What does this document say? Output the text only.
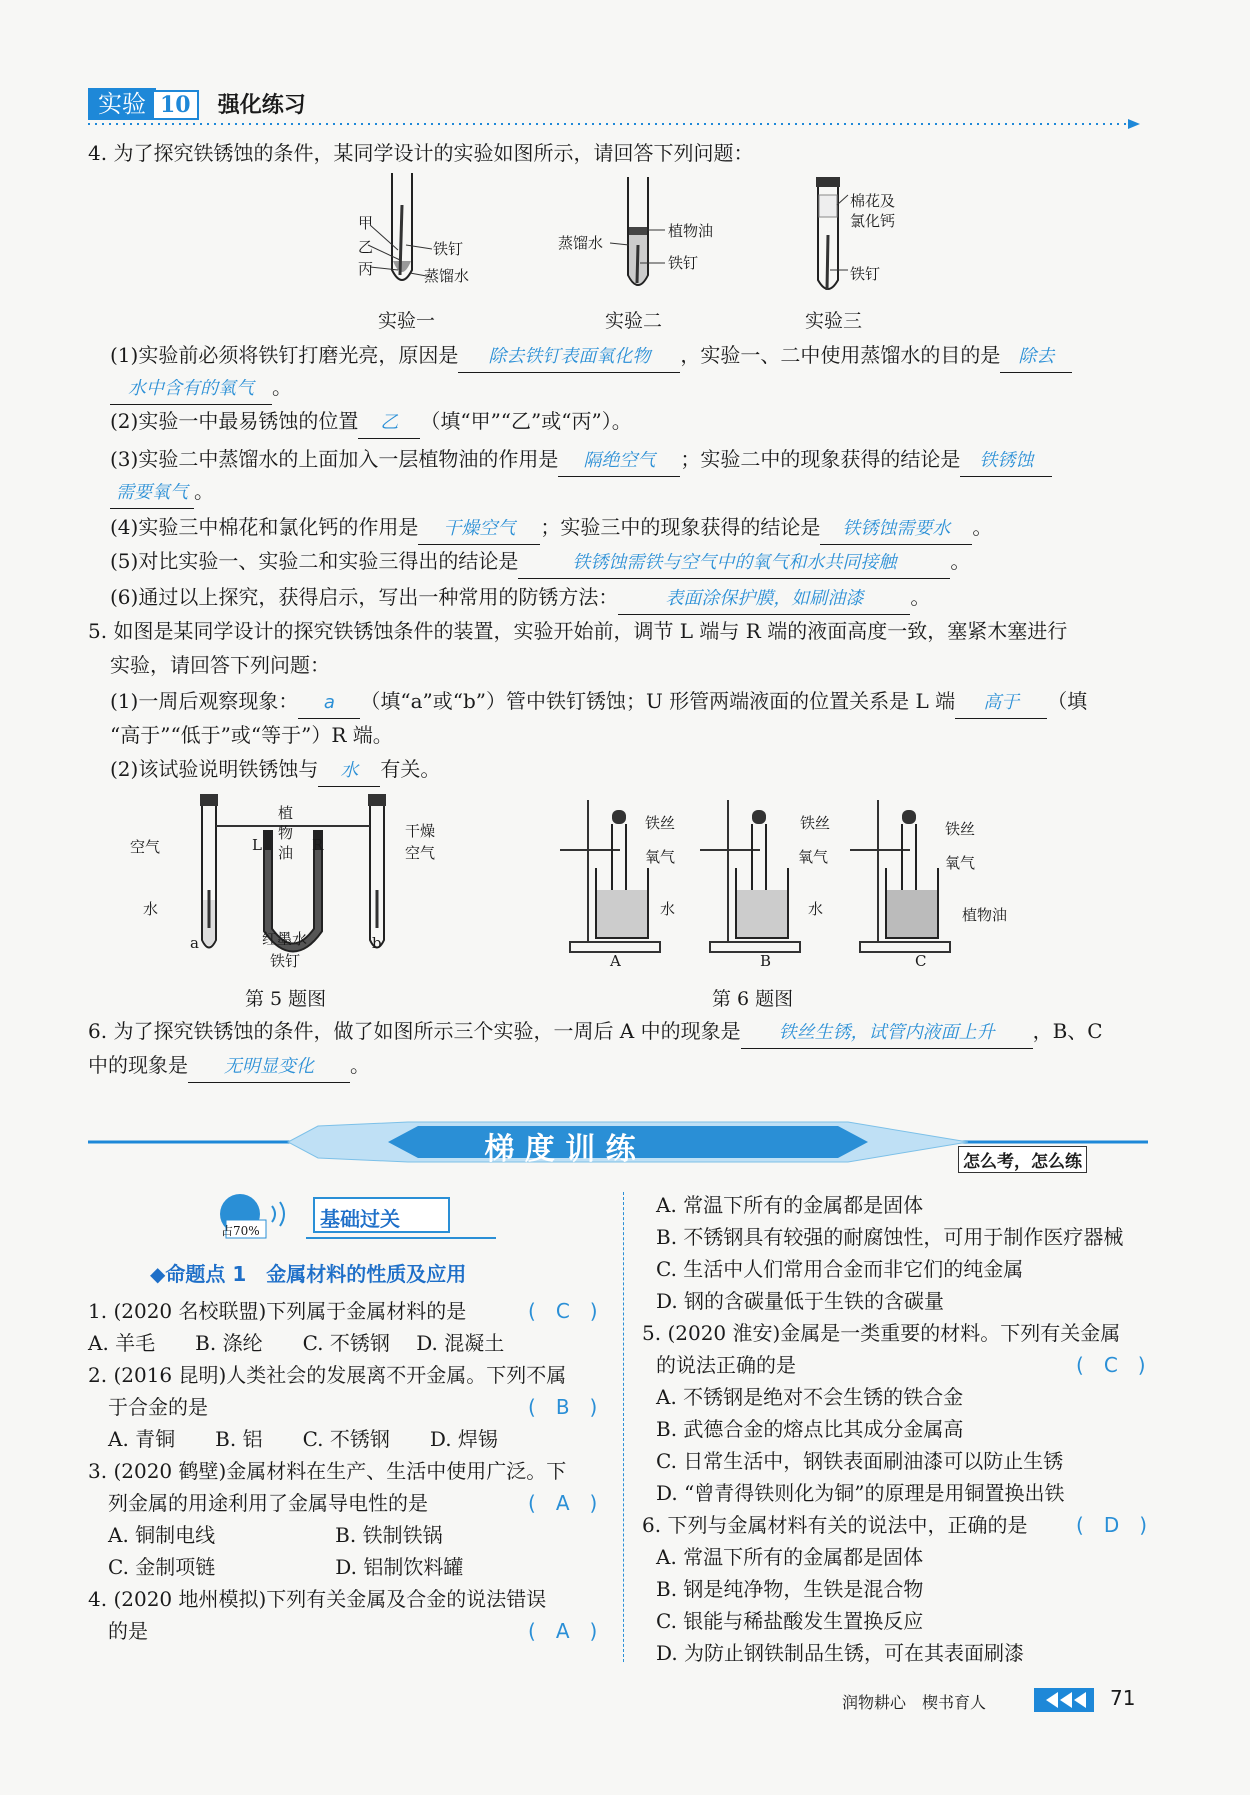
实验 10 强化练习
4. 为了探究铁锈蚀的条件，某同学设计的实验如图所示，请回答下列问题：
甲
乙
丙
铁钉
蒸馏水
实验一
蒸馏水
植物油
铁钉
实验二
棉花及
氯化钙
铁钉
实验三
(1)实验前必须将铁钉打磨光亮，原因是 除去铁钉表面氧化物 ，实验一、二中使用蒸馏水的目的是 除去
水中含有的氧气 。
(2)实验一中最易锈蚀的位置 乙 （填“甲”“乙”或“丙”）。
(3)实验二中蒸馏水的上面加入一层植物油的作用是 隔绝空气 ；实验二中的现象获得的结论是 铁锈蚀
需要氧气 。
(4)实验三中棉花和氯化钙的作用是 干燥空气 ；实验三中的现象获得的结论是 铁锈蚀需要水 。
(5)对比实验一、实验二和实验三得出的结论是	铁锈蚀需铁与空气中的氧气和水共同接触	。
(6)通过以上探究，获得启示，写出一种常用的防锈方法：	表面涂保护膜，如刷油漆 。
5. 如图是某同学设计的探究铁锈蚀条件的装置，实验开始前，调节 L 端与 R 端的液面高度一致，塞紧木塞进行
实验，请回答下列问题：
(1)一周后观察现象： a （填“a”或“b”）管中铁钉锈蚀；U 形管两端液面的位置关系是 L 端 高于 （填
“高于”“低于”或“等于”）R 端。
(2)该试验说明铁锈蚀与 水 有关。
空气
水
植
物
油
L	R
干燥
空气
红墨水
铁钉
a	b
第 5 题图
铁丝
氧气
水
铁丝
氧气
水
铁丝
氧气
植物油
A	B	C
第 6 题图
6. 为了探究铁锈蚀的条件，做了如图所示三个实验，一周后 A 中的现象是 铁丝生锈，试管内液面上升 ，B、C
中的现象是 无明显变化 。
梯 度 训 练	怎么考，怎么练
占70%	基础过关
◆命题点 1　金属材料的性质及应用
1. (2020 名校联盟)下列属于金属材料的是	(　C　)
A. 羊毛　　B. 涤纶　　C. 不锈钢　 D. 混凝土
2. (2016 昆明)人类社会的发展离不开金属。下列不属
　于合金的是	(　B　)
　A. 青铜　　B. 铝　　C. 不锈钢　　D. 焊锡
3. (2020 鹤壁)金属材料在生产、生活中使用广泛。下
　列金属的用途利用了金属导电性的是	(　A　)
　A. 铜制电线　　　　　　B. 铁制铁锅
　C. 金制项链　　　　　　D. 铝制饮料罐
4. (2020 地州模拟)下列有关金属及合金的说法错误
　的是	(　A　)
A. 常温下所有的金属都是固体
B. 不锈钢具有较强的耐腐蚀性，可用于制作医疗器械
C. 生活中人们常用合金而非它们的纯金属
D. 钢的含碳量低于生铁的含碳量
5. (2020 淮安)金属是一类重要的材料。下列有关金属
的说法正确的是	(　C　)
A. 不锈钢是绝对不会生锈的铁合金
B. 武德合金的熔点比其成分金属高
C. 日常生活中，钢铁表面刷油漆可以防止生锈
D. “曾青得铁则化为铜”的原理是用铜置换出铁
6. 下列与金属材料有关的说法中，正确的是 (　D　)
A. 常温下所有的金属都是固体
B. 钢是纯净物，生铁是混合物
C. 银能与稀盐酸发生置换反应
D. 为防止钢铁制品生锈，可在其表面刷漆
润物耕心　楔书育人	71
